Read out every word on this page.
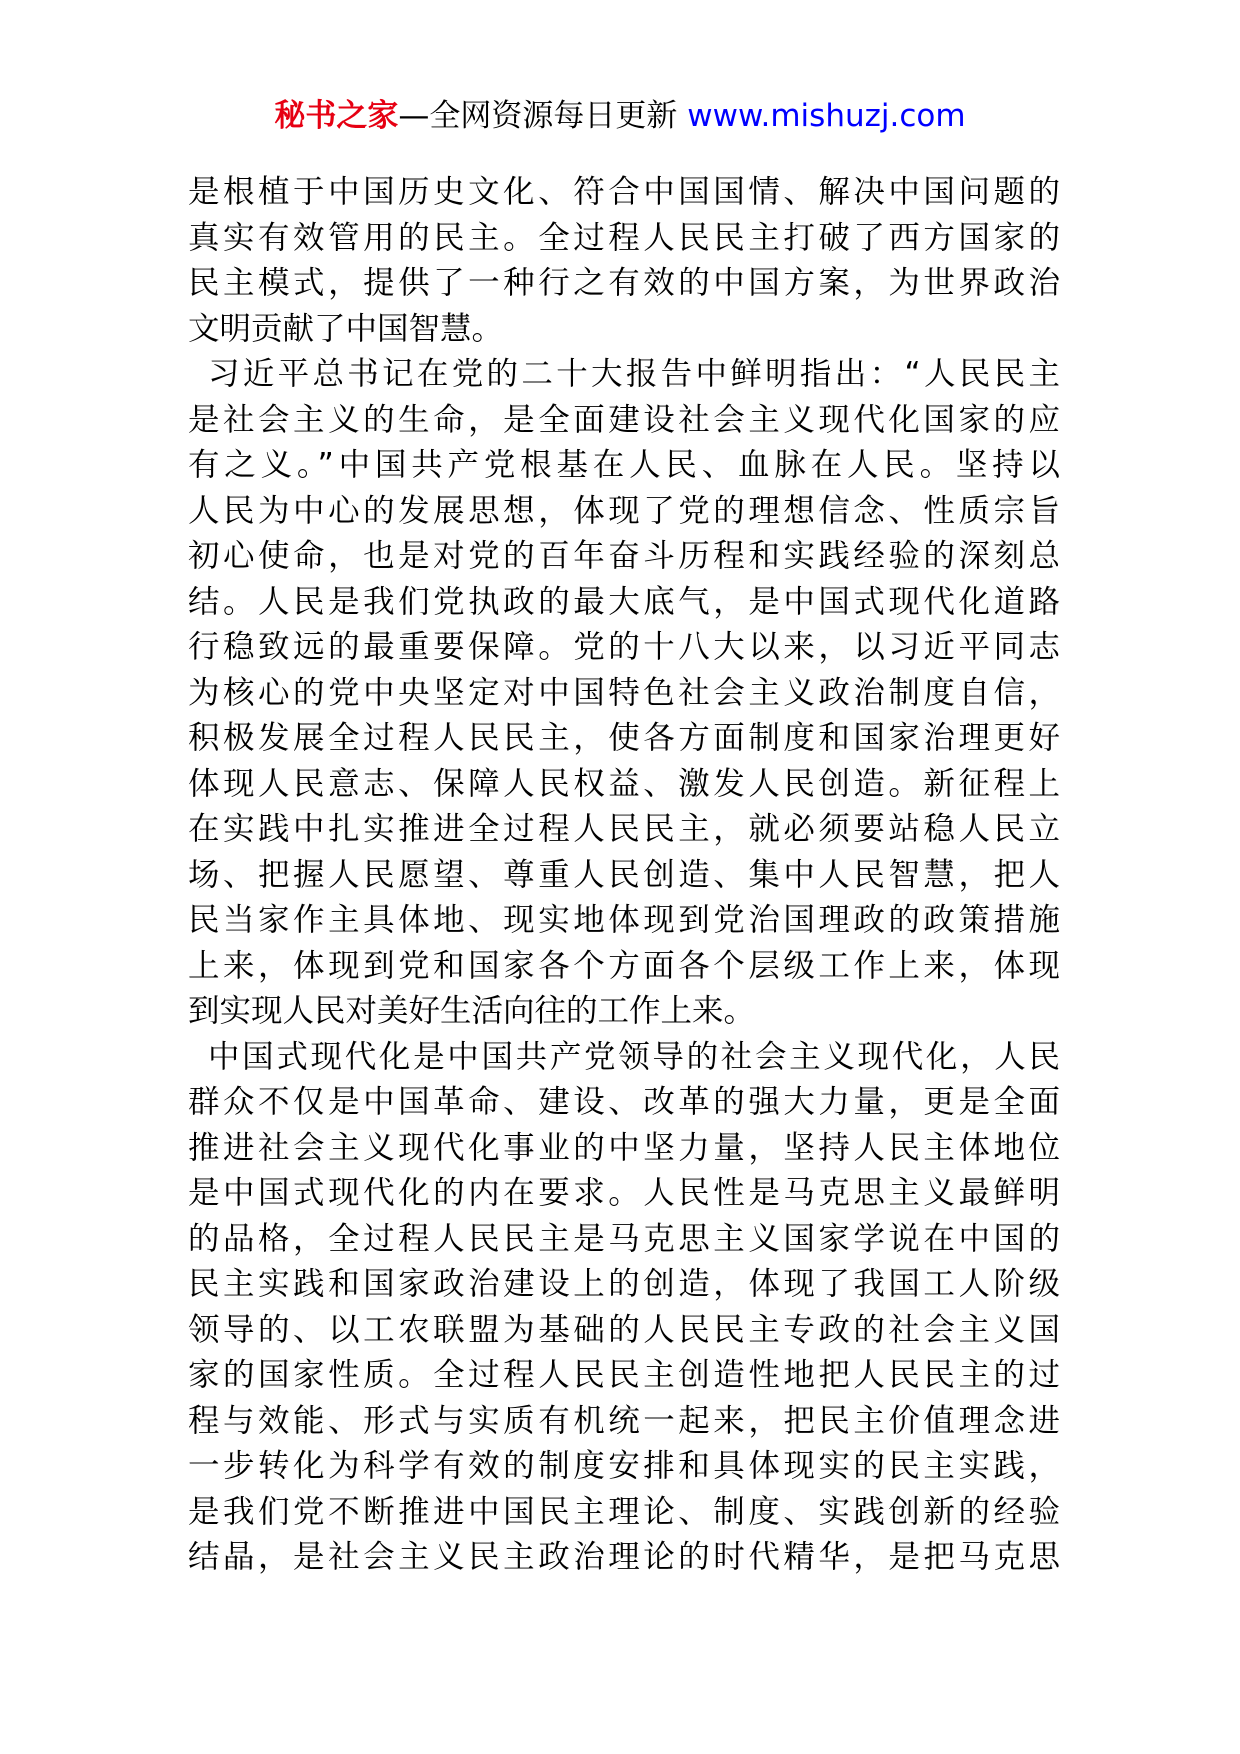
秘书之家—全网资源每日更新 www.mishuzj.com
是根植于中国历史文化、符合中国国情、解决中国问题的
真实有效管用的民主。全过程人民民主打破了西方国家的
民主模式，提供了一种行之有效的中国方案，为世界政治
文明贡献了中国智慧。
习近平总书记在党的二十大报告中鲜明指出：“人民民主
是社会主义的生命，是全面建设社会主义现代化国家的应
有之义。”中国共产党根基在人民、血脉在人民。坚持以
人民为中心的发展思想，体现了党的理想信念、性质宗旨
初心使命，也是对党的百年奋斗历程和实践经验的深刻总
结。人民是我们党执政的最大底气，是中国式现代化道路
行稳致远的最重要保障。党的十八大以来，以习近平同志
为核心的党中央坚定对中国特色社会主义政治制度自信，
积极发展全过程人民民主，使各方面制度和国家治理更好
体现人民意志、保障人民权益、激发人民创造。新征程上
在实践中扎实推进全过程人民民主，就必须要站稳人民立
场、把握人民愿望、尊重人民创造、集中人民智慧，把人
民当家作主具体地、现实地体现到党治国理政的政策措施
上来，体现到党和国家各个方面各个层级工作上来，体现
到实现人民对美好生活向往的工作上来。
中国式现代化是中国共产党领导的社会主义现代化，人民
群众不仅是中国革命、建设、改革的强大力量，更是全面
推进社会主义现代化事业的中坚力量，坚持人民主体地位
是中国式现代化的内在要求。人民性是马克思主义最鲜明
的品格，全过程人民民主是马克思主义国家学说在中国的
民主实践和国家政治建设上的创造，体现了我国工人阶级
领导的、以工农联盟为基础的人民民主专政的社会主义国
家的国家性质。全过程人民民主创造性地把人民民主的过
程与效能、形式与实质有机统一起来，把民主价值理念进
一步转化为科学有效的制度安排和具体现实的民主实践，
是我们党不断推进中国民主理论、制度、实践创新的经验
结晶，是社会主义民主政治理论的时代精华，是把马克思
